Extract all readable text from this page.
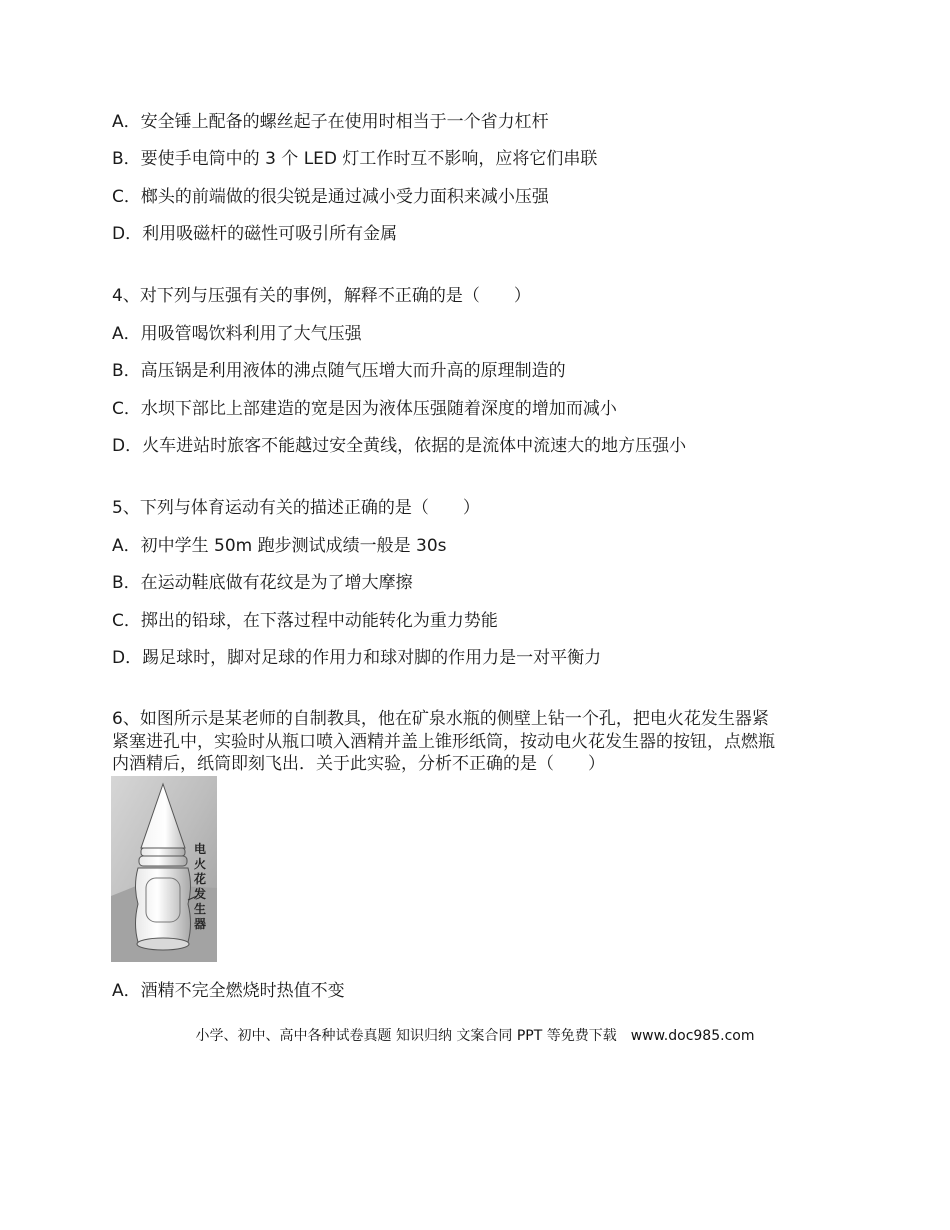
A．安全锤上配备的螺丝起子在使用时相当于一个省力杠杆
B．要使手电筒中的 3 个 LED 灯工作时互不影响，应将它们串联
C．榔头的前端做的很尖锐是通过减小受力面积来减小压强
D．利用吸磁杆的磁性可吸引所有金属
4、对下列与压强有关的事例，解释不正确的是（　　）
A．用吸管喝饮料利用了大气压强
B．高压锅是利用液体的沸点随气压增大而升高的原理制造的
C．水坝下部比上部建造的宽是因为液体压强随着深度的增加而减小
D．火车进站时旅客不能越过安全黄线，依据的是流体中流速大的地方压强小
5、下列与体育运动有关的描述正确的是（　　）
A．初中学生 50m 跑步测试成绩一般是 30s
B．在运动鞋底做有花纹是为了增大摩擦
C．掷出的铅球，在下落过程中动能转化为重力势能
D．踢足球时，脚对足球的作用力和球对脚的作用力是一对平衡力
6、如图所示是某老师的自制教具，他在矿泉水瓶的侧壁上钻一个孔，把电火花发生器紧
紧塞进孔中，实验时从瓶口喷入酒精并盖上锥形纸筒，按动电火花发生器的按钮，点燃瓶
内酒精后，纸筒即刻飞出．关于此实验，分析不正确的是（　　）
电
火
花
发
生
器
A．酒精不完全燃烧时热值不变
小学、初中、高中各种试卷真题 知识归纳 文案合同 PPT 等免费下载　www.doc985.com
